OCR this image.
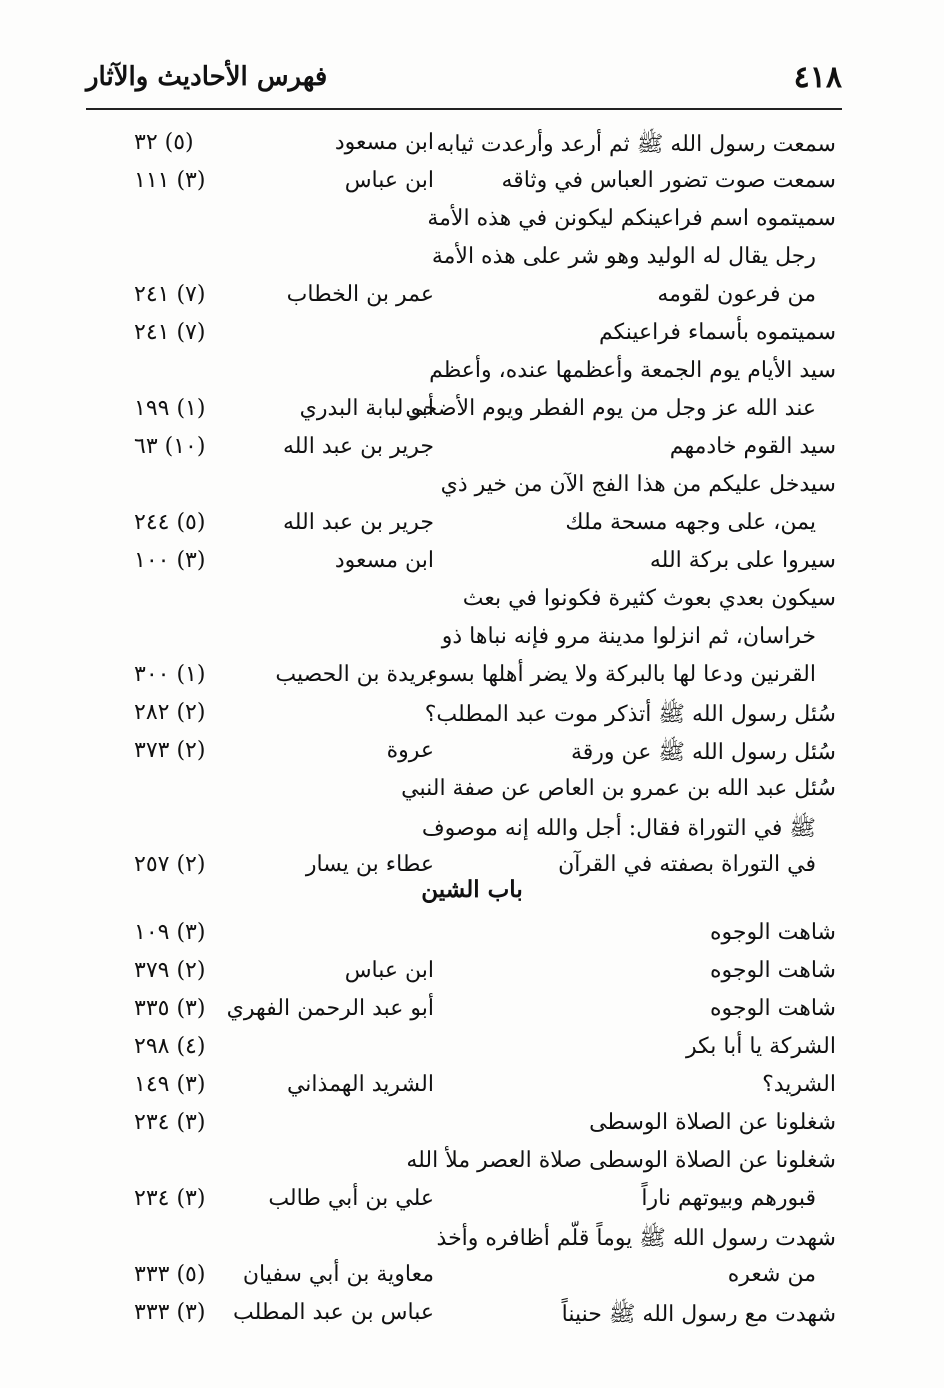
٤١٨
فهرس الأحاديث والآثار
باب الشين
سمعت رسول الله ﷺ ثم أرعد وأرعدت ثيابه
ابن مسعود
(٥) ٣٢
سمعت صوت تضور العباس في وثاقه
ابن عباس
(٣) ١١١
سميتموه اسم فراعينكم ليكونن في هذه الأمة
رجل يقال له الوليد وهو شر على هذه الأمة
من فرعون لقومه
عمر بن الخطاب
(٧) ٢٤١
سميتموه بأسماء فراعينكم
(٧) ٢٤١
سيد الأيام يوم الجمعة وأعظمها عنده، وأعظم
عند الله عز وجل من يوم الفطر ويوم الأضحى
أبو لبابة البدري
(١) ١٩٩
سيد القوم خادمهم
جرير بن عبد الله
(١٠) ٦٣
سيدخل عليكم من هذا الفج الآن من خير ذي
يمن، على وجهه مسحة ملك
جرير بن عبد الله
(٥) ٢٤٤
سيروا على بركة الله
ابن مسعود
(٣) ١٠٠
سيكون بعدي بعوث كثيرة فكونوا في بعث
خراسان، ثم انزلوا مدينة مرو فإنه نباها ذو
القرنين ودعا لها بالبركة ولا يضر أهلها بسوء
بريدة بن الحصيب
(١) ٣٠٠
سُئل رسول الله ﷺ أتذكر موت عبد المطلب؟
(٢) ٢٨٢
سُئل رسول الله ﷺ عن ورقة
عروة
(٢) ٣٧٣
سُئل عبد الله بن عمرو بن العاص عن صفة النبي
ﷺ في التوراة فقال: أجل والله إنه موصوف
في التوراة بصفته في القرآن
عطاء بن يسار
(٢) ٢٥٧
شاهت الوجوه
(٣) ١٠٩
شاهت الوجوه
ابن عباس
(٢) ٣٧٩
شاهت الوجوه
أبو عبد الرحمن الفهري
(٣) ٣٣٥
الشركة يا أبا بكر
(٤) ٢٩٨
الشريد؟
الشريد الهمذاني
(٣) ١٤٩
شغلونا عن الصلاة الوسطى
(٣) ٢٣٤
شغلونا عن الصلاة الوسطى صلاة العصر ملأ الله
قبورهم وبيوتهم ناراً
علي بن أبي طالب
(٣) ٢٣٤
شهدت رسول الله ﷺ يوماً قلّم أظافره وأخذ
من شعره
معاوية بن أبي سفيان
(٥) ٣٣٣
شهدت مع رسول الله ﷺ حنيناً
عباس بن عبد المطلب
(٣) ٣٣٣
